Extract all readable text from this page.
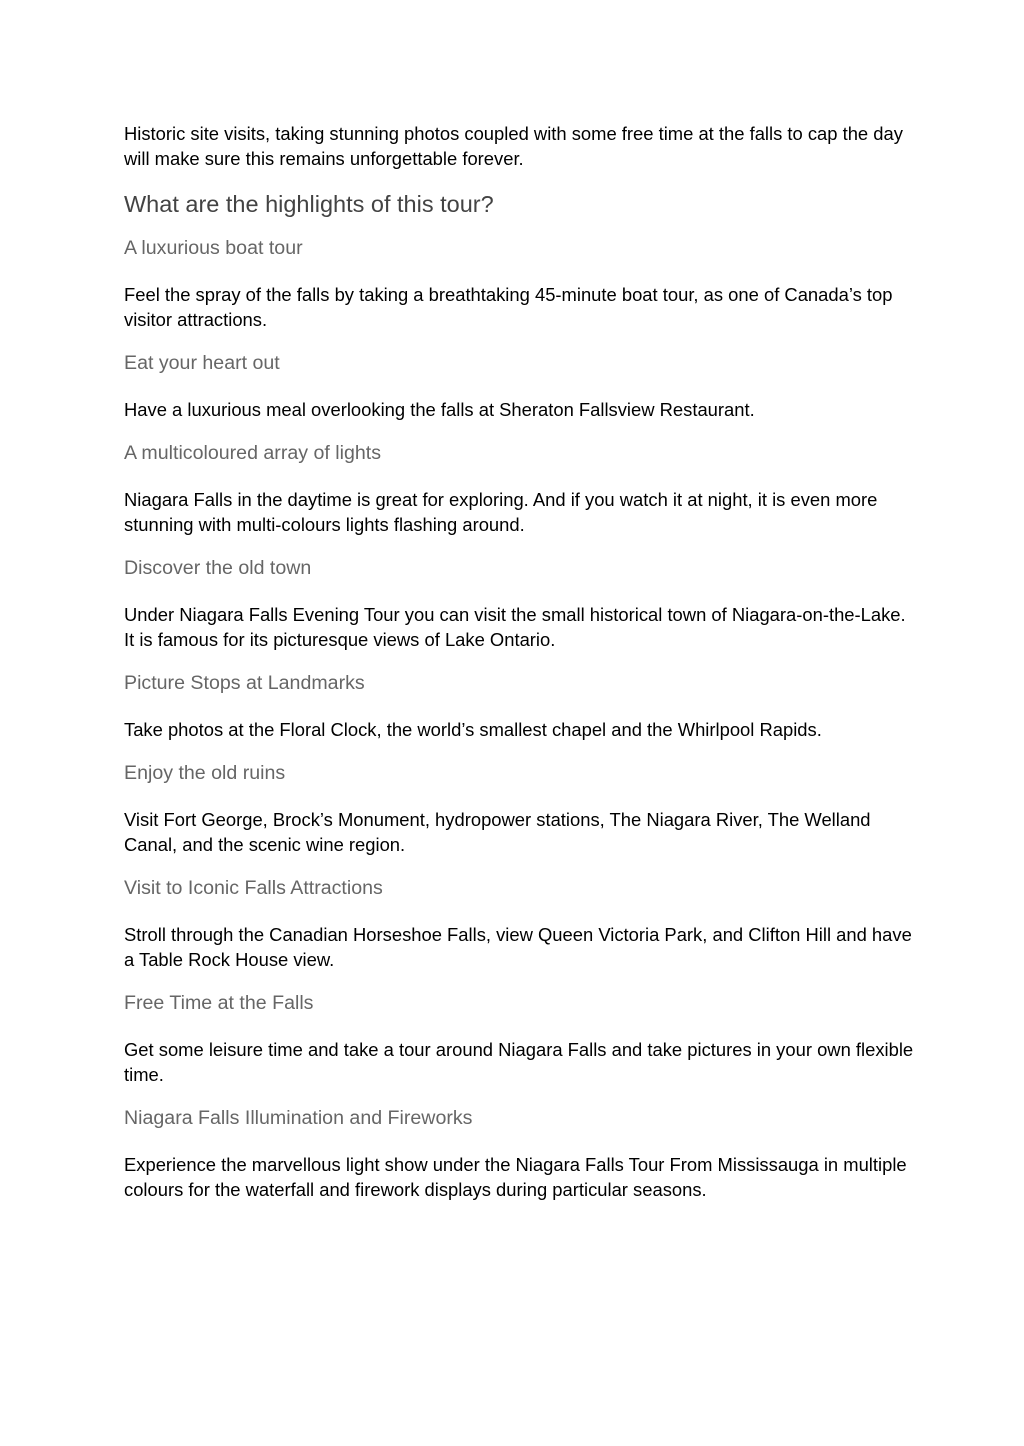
Historic site visits, taking stunning photos coupled with some free time at the falls to cap the day will make sure this remains unforgettable forever.

What are the highlights of this tour?
A luxurious boat tour

Feel the spray of the falls by taking a breathtaking 45-minute boat tour, as one of Canada’s top visitor attractions.

Eat your heart out

Have a luxurious meal overlooking the falls at Sheraton Fallsview Restaurant.

A multicoloured array of lights

Niagara Falls in the daytime is great for exploring. And if you watch it at night, it is even more stunning with multi-colours lights flashing around.

Discover the old town

Under Niagara Falls Evening Tour you can visit the small historical town of Niagara-on-the-Lake. It is famous for its picturesque views of Lake Ontario.

Picture Stops at Landmarks

Take photos at the Floral Clock, the world’s smallest chapel and the Whirlpool Rapids.

Enjoy the old ruins

Visit Fort George, Brock’s Monument, hydropower stations, The Niagara River, The Welland Canal, and the scenic wine region.

Visit to Iconic Falls Attractions

Stroll through the Canadian Horseshoe Falls, view Queen Victoria Park, and Clifton Hill and have a Table Rock House view.

Free Time at the Falls

Get some leisure time and take a tour around Niagara Falls and take pictures in your own flexible time.

Niagara Falls Illumination and Fireworks

Experience the marvellous light show under the Niagara Falls Tour From Mississauga in multiple colours for the waterfall and firework displays during particular seasons.
